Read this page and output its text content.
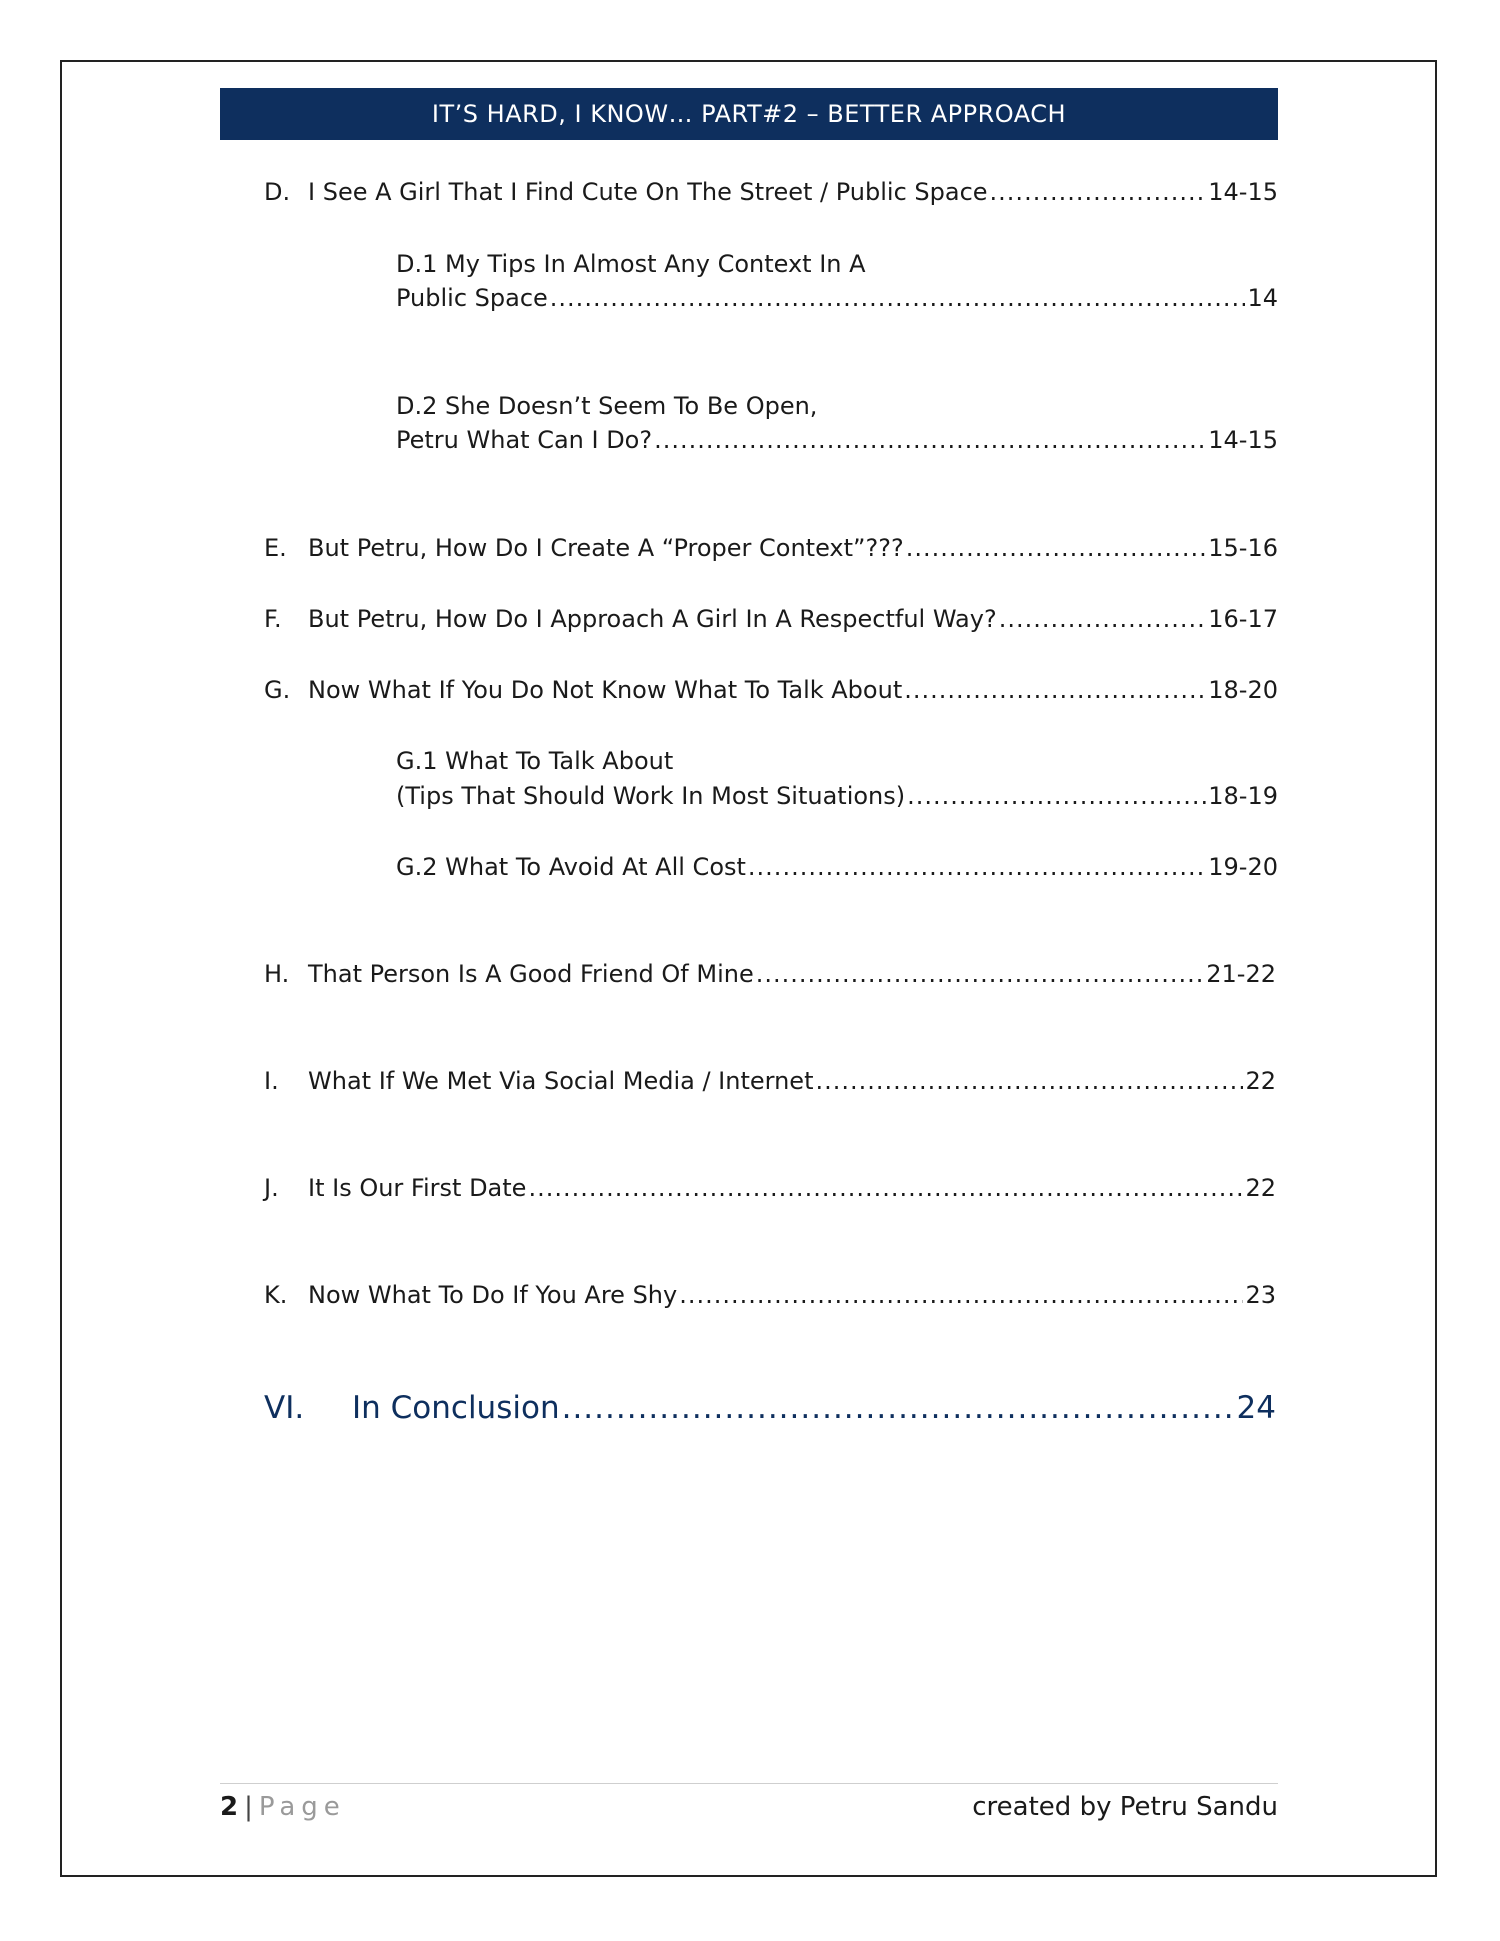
IT’S HARD, I KNOW… PART#2 – BETTER APPROACH
D. I See A Girl That I Find Cute On The Street / Public Space .....	14-15
D.1 My Tips In Almost Any Context In A
Public Space .....	14
D.2 She Doesn’t Seem To Be Open,
Petru What Can I Do? .....	14-15
E. But Petru, How Do I Create A “Proper Context”??? .....	15-16
F.	But Petru, How Do I Approach A Girl In A Respectful Way? .....	16-17
G. Now What If You Do Not Know What To Talk About .....	18-20
G.1 What To Talk About
(Tips That Should Work In Most Situations) .....	18-19
G.2 What To Avoid At All Cost .....	19-20
H. That Person Is A Good Friend Of Mine .....	21-22
I.	What If We Met Via Social Media / Internet .....	22
J.	It Is Our First Date .....	22
K. Now What To Do If You Are Shy .....	23
VI.	In Conclusion .....	24
2 | Page	created by Petru Sandu
